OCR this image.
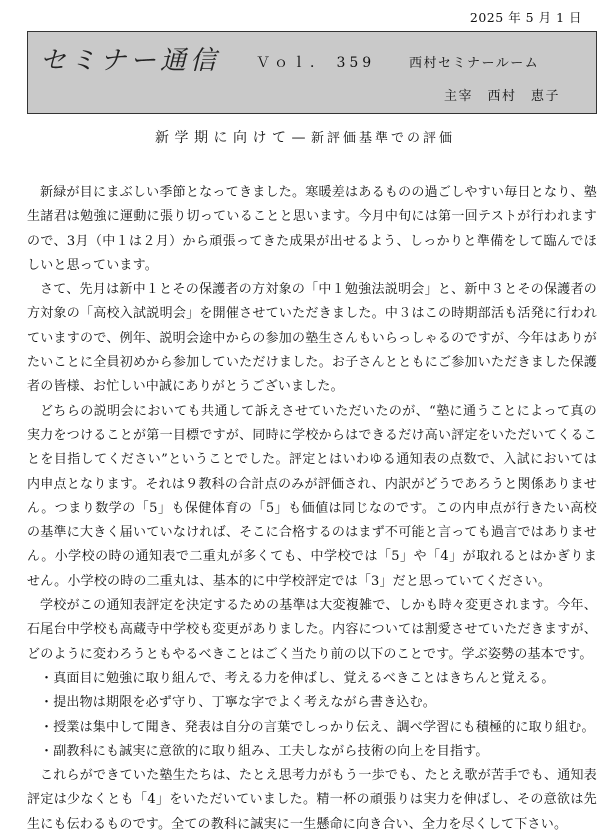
2025 年 5 月 1 日
セミナー通信	Ｖｏｌ． 359	西村セミナールーム
主宰　西村　恵子
新学期に向けて—新評価基準での評価

新緑が目にまぶしい季節となってきました。寒暖差はあるものの過ごしやすい毎日となり、塾生諸君は勉強に運動に張り切っていることと思います。今月中旬には第一回テストが行われますので、3月（中１は２月）から頑張ってきた成果が出せるよう、しっかりと準備をして臨んでほしいと思っています。

さて、先月は新中１とその保護者の方対象の「中１勉強法説明会」と、新中３とその保護者の方対象の「高校入試説明会」を開催させていただきました。中３はこの時期部活も活発に行われていますので、例年、説明会途中からの参加の塾生さんもいらっしゃるのですが、今年はありがたいことに全員初めから参加していただけました。お子さんとともにご参加いただきました保護者の皆様、お忙しい中誠にありがとうございました。

どちらの説明会においても共通して訴えさせていただいたのが、“塾に通うことによって真の実力をつけることが第一目標ですが、同時に学校からはできるだけ高い評定をいただいてくることを目指してください”ということでした。評定とはいわゆる通知表の点数で、入試においては内申点となります。それは９教科の合計点のみが評価され、内訳がどうであろうと関係ありません。つまり数学の「5」も保健体育の「5」も価値は同じなのです。この内申点が行きたい高校の基準に大きく届いていなければ、そこに合格するのはまず不可能と言っても過言ではありません。小学校の時の通知表で二重丸が多くても、中学校では「5」や「4」が取れるとはかぎりません。小学校の時の二重丸は、基本的に中学校評定では「3」だと思っていてください。

学校がこの通知表評定を決定するための基準は大変複雑で、しかも時々変更されます。今年、石尾台中学校も高蔵寺中学校も変更がありました。内容については割愛させていただきますが、どのように変わろうともやるべきことはごく当たり前の以下のことです。学ぶ姿勢の基本です。

・真面目に勉強に取り組んで、考える力を伸ばし、覚えるべきことはきちんと覚える。
・提出物は期限を必ず守り、丁寧な字でよく考えながら書き込む。
・授業は集中して聞き、発表は自分の言葉でしっかり伝え、調べ学習にも積極的に取り組む。
・副教科にも誠実に意欲的に取り組み、工夫しながら技術の向上を目指す。

これらができていた塾生たちは、たとえ思考力がもう一歩でも、たとえ歌が苦手でも、通知表評定は少なくとも「4」をいただいていました。精一杯の頑張りは実力を伸ばし、その意欲は先生にも伝わるものです。全ての教科に誠実に一生懸命に向き合い、全力を尽くして下さい。
